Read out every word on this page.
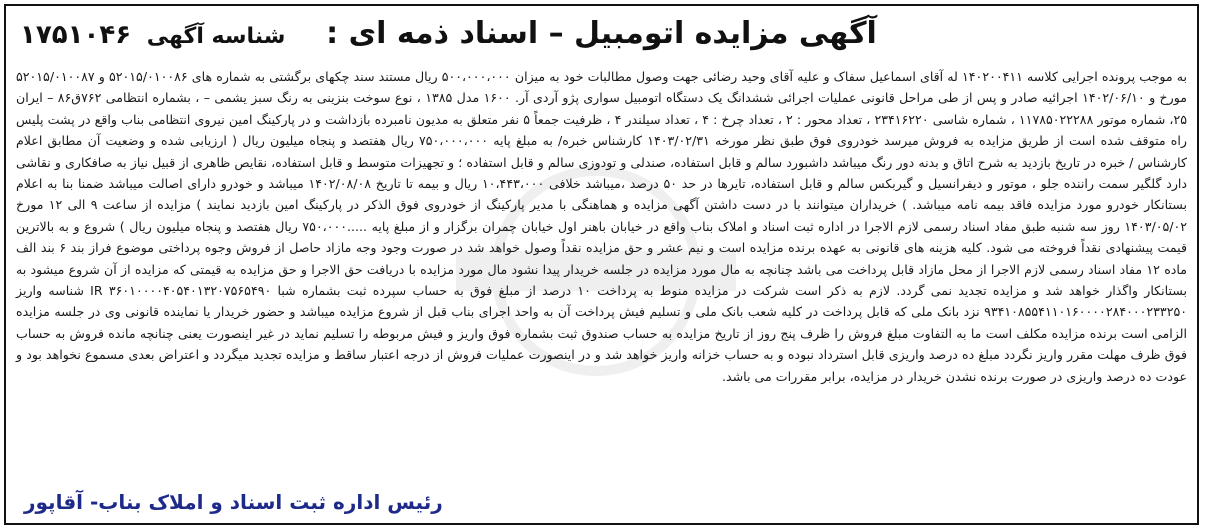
شناسه آگهی ۱۷۵۱۰۴۶	آگهی مزایده اتومبیل – اسناد ذمه ای :

به موجب پرونده اجرایی کلاسه ۱۴۰۲۰۰۴۱۱ له آقای اسماعیل سفاک و علیه آقای وحید رضائی جهت وصول مطالبات خود به میزان ۵۰۰،۰۰۰،۰۰۰ ریال مستند سند چکهای برگشتی به شماره های ۵۲۰۱۵/۰۱۰۰۸۶ و ۵۲۰۱۵/۰۱۰۰۸۷ مورخ و ۱۴۰۲/۰۶/۱۰ اجرائیه صادر و پس از طی مراحل قانونی عملیات اجرائی ششدانگ یک دستگاه اتومبیل سواری پژو آردی آر. ۱۶۰۰ مدل ۱۳۸۵ ، نوع سوخت بنزینی به رنگ سبز یشمی – ، بشماره انتظامی ۷۶۲ق۸۶ – ایران ۲۵، شماره موتور ۱۱۷۸۵۰۲۲۲۸۸ ، شماره شاسی ۲۳۴۱۶۲۲۰ ، تعداد محور : ۲ ، تعداد چرخ : ۴ ، تعداد سیلندر ۴ ، ظرفیت جمعاً ۵ نفر متعلق به مدیون نامبرده بازداشت و در پارکینگ امین نیروی انتظامی بناب واقع در پشت پلیس راه متوقف شده است از طریق مزایده به فروش میرسد خودروی فوق طبق نظر مورخه ۱۴۰۳/۰۲/۳۱ کارشناس خبره/ به مبلغ پایه ۷۵۰،۰۰۰،۰۰۰ ریال هفتصد و پنجاه میلیون ریال ( ارزیابی شده و وضعیت آن مطابق اعلام کارشناس / خبره در تاریخ بازدید به شرح اتاق و بدنه دور رنگ میباشد داشبورد سالم و قابل استفاده، صندلی و تودوزی سالم و قابل استفاده ؛ و تجهیزات متوسط و قابل استفاده، نقایص ظاهری از قبیل نیاز به صافکاری و نقاشی دارد گلگیر سمت راننده جلو ، موتور و دیفرانسیل و گیربکس سالم و قابل استفاده، تایرها در حد ۵۰ درصد ،میباشد خلافی ۱۰،۴۴۳،۰۰۰ ریال و بیمه تا تاریخ ۱۴۰۲/۰۸/۰۸ میباشد و خودرو دارای اصالت میباشد ضمنا بنا به اعلام بستانکار خودرو مورد مزایده فاقد بیمه نامه میباشد. ) خریداران میتوانند با در دست داشتن آگهی مزایده و هماهنگی با مدیر پارکینگ از خودروی فوق الذکر در پارکینگ امین بازدید نمایند ) مزایده از ساعت ۹ الی ۱۲ مورخ ۱۴۰۳/۰۵/۰۲ روز سه شنبه طبق مفاد اسناد رسمی لازم الاجرا در اداره ثبت اسناد و املاک بناب واقع در خیابان باهنر اول خیابان چمران برگزار و از مبلغ پایه .....۷۵۰،۰۰۰ ریال هفتصد و پنجاه میلیون ریال ) شروع و به بالاترین قیمت پیشنهادی نقداً فروخته می شود. کلیه هزینه های قانونی به عهده برنده مزایده است و نیم عشر و حق مزایده نقداً وصول خواهد شد در صورت وجود وجه مازاد حاصل از فروش وجوه پرداختی موضوع فراز بند ۶ بند الف ماده ۱۲ مفاد اسناد رسمی لازم الاجرا از محل مازاد قابل پرداخت می باشد چنانچه به مال مورد مزایده در جلسه خریدار پیدا نشود مال مورد مزایده با دریافت حق الاجرا و حق مزایده به قیمتی که مزایده از آن شروع میشود به بستانکار واگذار خواهد شد و مزایده تجدید نمی گردد. لازم به ذکر است شرکت در مزایده منوط به پرداخت ۱۰ درصد از مبلغ فوق به حساب سپرده ثبت بشماره شبا IR ۳۶۰۱۰۰۰۰۴۰۵۴۰۱۳۲۰۷۵۶۵۴۹۰ شناسه واریز ۹۳۴۱۰۸۵۵۴۱۱۰۱۶۰۰۰۰۲۸۴۰۰۰۲۳۳۲۵۰ نزد بانک ملی که قابل پرداخت در کلیه شعب بانک ملی و تسلیم فیش پرداخت آن به واحد اجرای بناب قبل از شروع مزایده میباشد و حضور خریدار یا نماینده قانونی وی در جلسه مزایده الزامی است برنده مزایده مکلف است ما به التفاوت مبلغ فروش را ظرف پنج روز از تاریخ مزایده به حساب صندوق ثبت بشماره فوق واریز و فیش مربوطه را تسلیم نماید در غیر اینصورت یعنی چنانچه مانده فروش به حساب فوق ظرف مهلت مقرر واریز نگردد مبلغ ده درصد واریزی قابل استرداد نبوده و به حساب خزانه واریز خواهد شد و در اینصورت عملیات فروش از درجه اعتبار ساقط و مزایده تجدید میگردد و اعتراض بعدی مسموع نخواهد بود و عودت ده درصد واریزی در صورت برنده نشدن خریدار در مزایده، برابر مقررات می باشد.

رئیس اداره ثبت اسناد و املاک بناب- آقاپور
